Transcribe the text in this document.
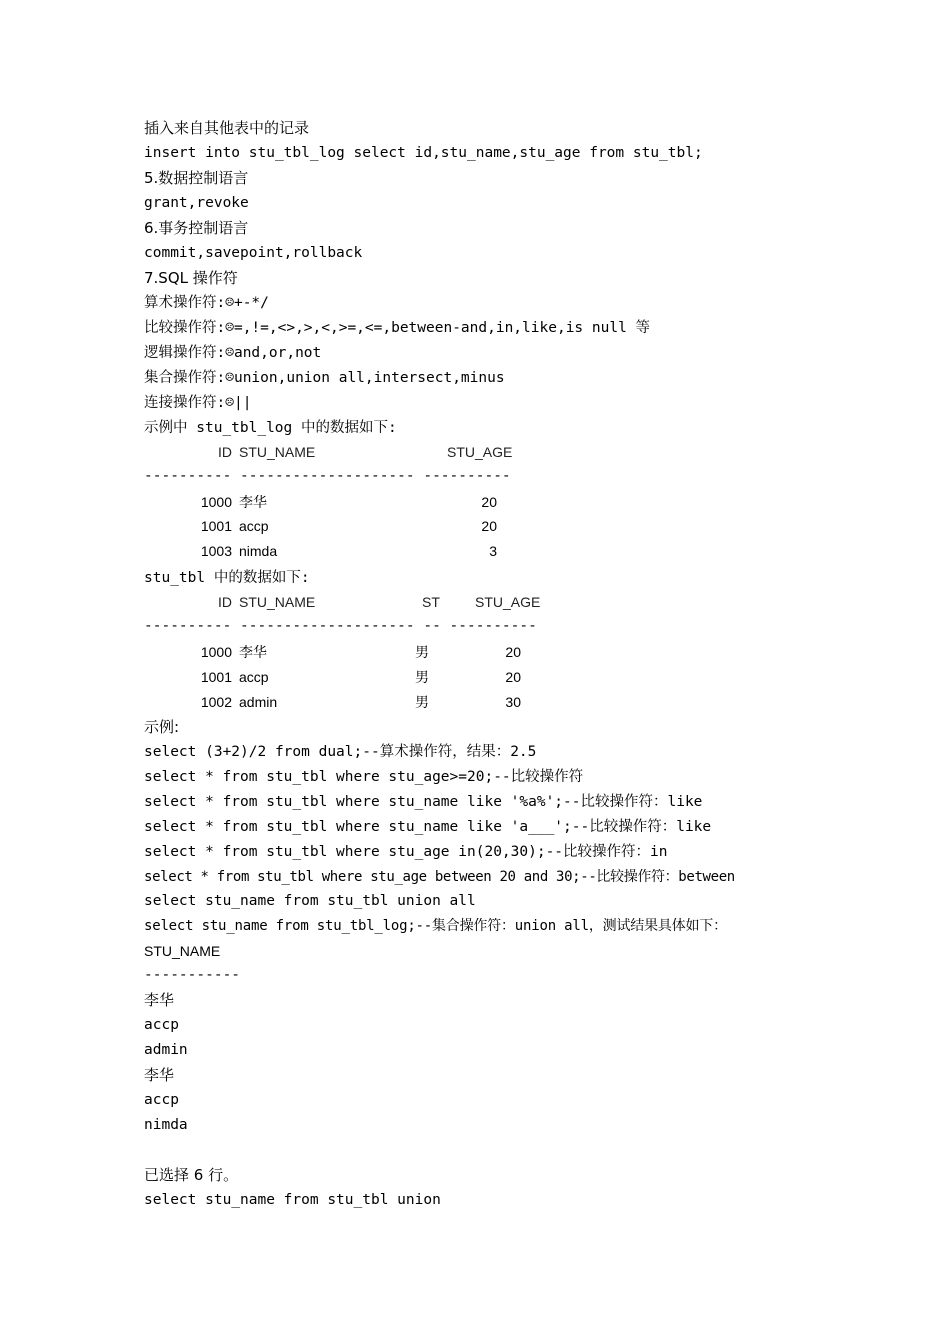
插入来自其他表中的记录
insert into stu_tbl_log select id,stu_name,stu_age from stu_tbl;
5.数据控制语言
grant,revoke
6.事务控制语言
commit,savepoint,rollback
7.SQL 操作符
算术操作符:☹+-*/
比较操作符:☹=,!=,<>,>,<,>=,<=,between-and,in,like,is null 等
逻辑操作符:☹and,or,not
集合操作符:☹union,union all,intersect,minus
连接操作符:☹||
示例中 stu_tbl_log 中的数据如下:
ID STU_NAME	STU_AGE
---------- -------------------- ----------
1000 李华	20
1001 accp	20
1003 nimda	3
stu_tbl 中的数据如下:
ID STU_NAME	ST	STU_AGE
---------- -------------------- -- ----------
1000 李华	男	20
1001 accp	男	20
1002 admin	男	30
示例:
select (3+2)/2 from dual;--算术操作符，结果：2.5
select * from stu_tbl where stu_age>=20;--比较操作符
select * from stu_tbl where stu_name like '%a%';--比较操作符：like
select * from stu_tbl where stu_name like 'a___';--比较操作符：like
select * from stu_tbl where stu_age in(20,30);--比较操作符：in
select * from stu_tbl where stu_age between 20 and 30;--比较操作符：between
select stu_name from stu_tbl union all
select stu_name from stu_tbl_log;--集合操作符：union all，测试结果具体如下：
STU_NAME
-----------
李华
accp
admin
李华
accp
nimda
已选择 6 行。
select stu_name from stu_tbl union
